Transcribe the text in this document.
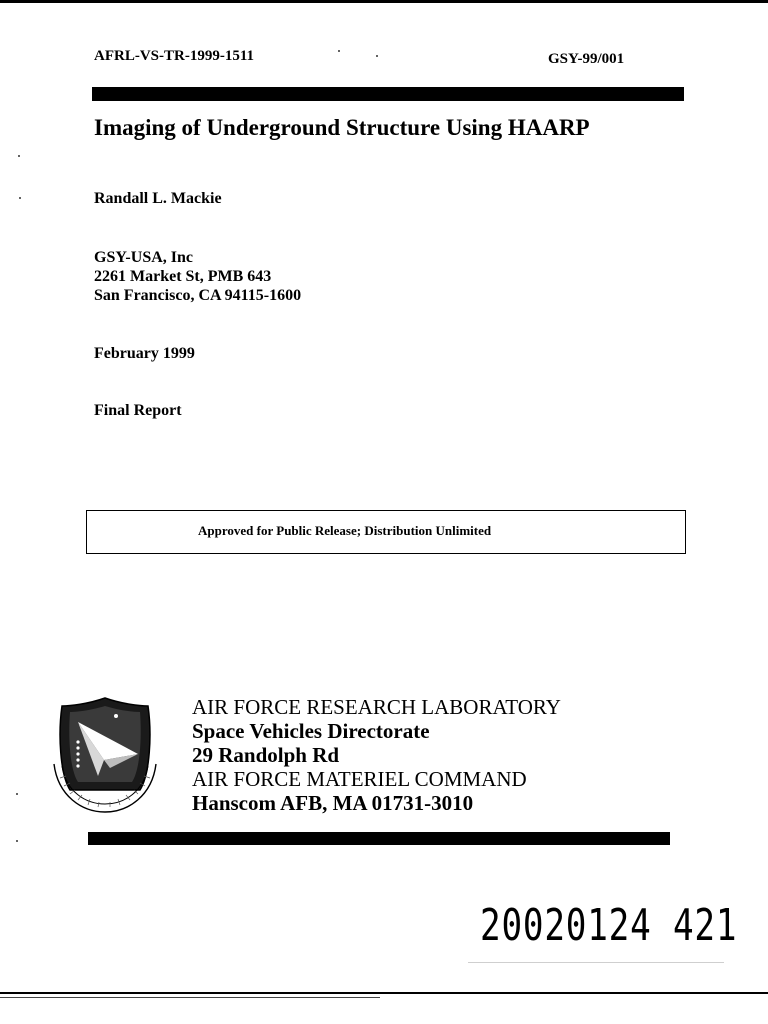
AFRL-VS-TR-1999-1511	GSY-99/001
Imaging of Underground Structure Using HAARP
Randall L. Mackie
GSY-USA, Inc
2261 Market St, PMB 643
San Francisco, CA 94115-1600
February 1999
Final Report
Approved for Public Release; Distribution Unlimited
AIR FORCE RESEARCH LABORATORY
Space Vehicles Directorate
29 Randolph Rd
AIR FORCE MATERIEL COMMAND
Hanscom AFB, MA 01731-3010
20020124 421
